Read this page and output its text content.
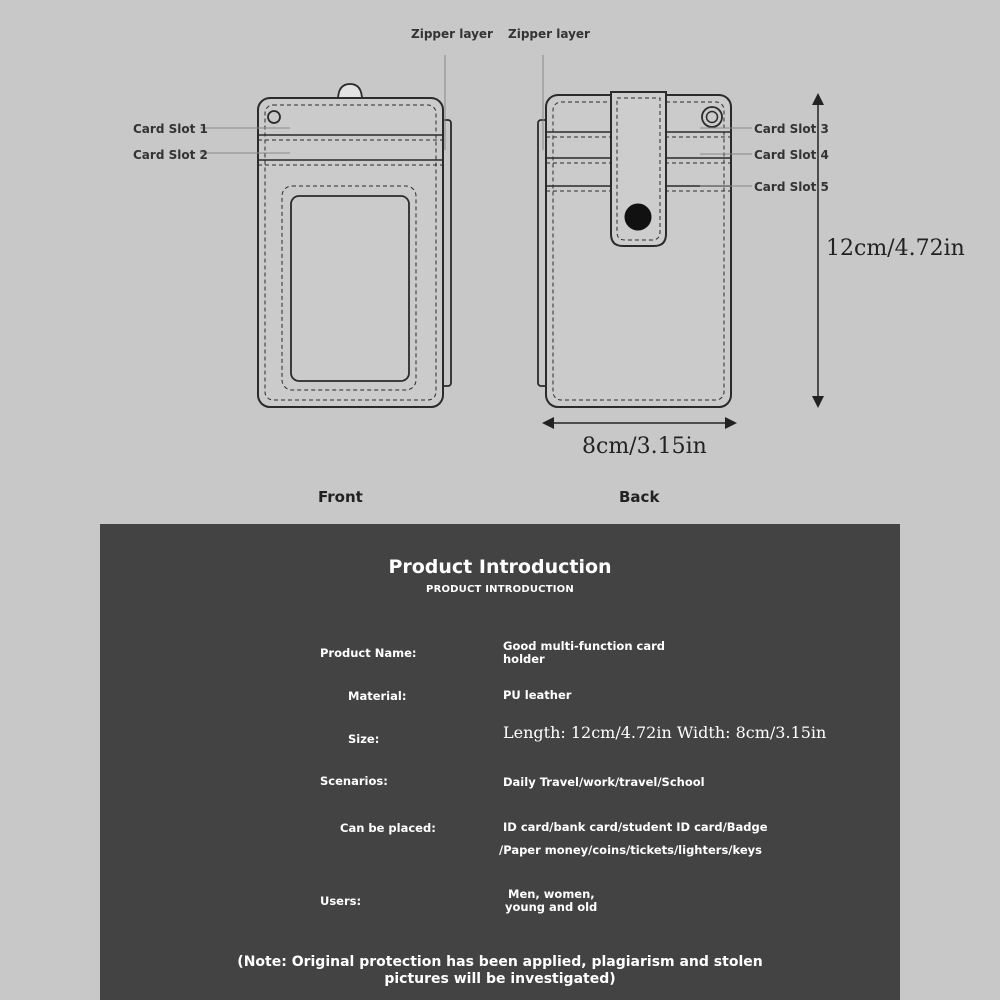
Zipper layer Zipper layer
Card Slot 1
Card Slot 2
Card Slot 3
Card Slot 4
Card Slot 5
12cm/4.72in
8cm/3.15in
Front	Back
Product Introduction
PRODUCT INTRODUCTION
Product Name:	Good multi-function card holder
Material:	PU leather
Size:	Length: 12cm/4.72in Width: 8cm/3.15in
Scenarios:	Daily Travel/work/travel/School
Can be placed:	ID card/bank card/student ID card/Badge
/Paper money/coins/tickets/lighters/keys
Users:	Men, women,
young and old
(Note: Original protection has been applied, plagiarism and stolen
pictures will be investigated)
